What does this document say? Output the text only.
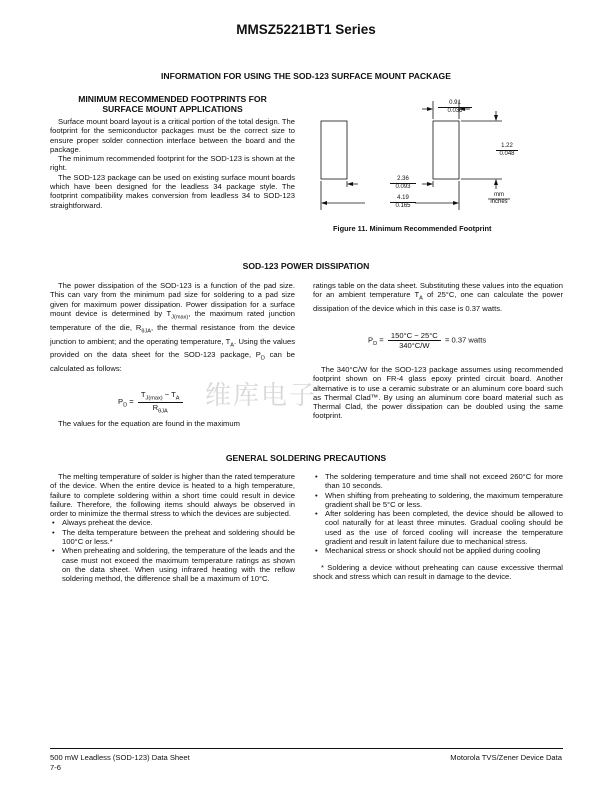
MMSZ5221BT1 Series
INFORMATION FOR USING THE SOD-123 SURFACE MOUNT PACKAGE
MINIMUM RECOMMENDED FOOTPRINTS FOR
SURFACE MOUNT APPLICATIONS

Surface mount board layout is a critical portion of the total design. The footprint for the semiconductor packages must be the correct size to ensure proper solder connection interface between the board and the package.

The minimum recommended footprint for the SOD-123 is shown at the right.

The SOD-123 package can be used on existing surface mount boards which have been designed for the leadless 34 package style. The footprint compatibility makes conversion from leadless 34 to SOD-123 straightforward.

0.91
0.036
1.22
0.048
2.36
0.093
4.19
0.165
mm
inches
Figure 11. Minimum Recommended Footprint
SOD-123 POWER DISSIPATION

The power dissipation of the SOD-123 is a function of the pad size. This can vary from the minimum pad size for soldering to a pad size given for maximum power dissipation. Power dissipation for a surface mount device is determined by $T_{J(max)}$, the maximum rated junction temperature of the die, $R_{\theta JA}$, the thermal resistance from the device junction to ambient; and the operating temperature, $T_A$. Using the values provided on the data sheet for the SOD-123 package, $P_D$ can be calculated as follows:

$P_D = \frac{T_{J(max)} - T_A}{R_{\theta JA}}$

The values for the equation are found in the maximum

ratings table on the data sheet. Substituting these values into the equation for an ambient temperature $T_A$ of 25°C, one can calculate the power dissipation of the device which in this case is 0.37 watts.

$P_D = \frac{150^\circ C - 25^\circ C}{340^\circ C/W} = 0.37$ watts

The 340°C/W for the SOD-123 package assumes using recommended footprint shown on FR-4 glass epoxy printed circuit board. Another alternative is to use a ceramic substrate or an aluminum core board such as Thermal Clad™. By using an aluminum core board material such as Thermal Clad, the power dissipation can be doubled using the same footprint.

维库电子
GENERAL SOLDERING PRECAUTIONS

The melting temperature of solder is higher than the rated temperature of the device. When the entire device is heated to a high temperature, failure to complete soldering within a short time could result in device failure. Therefore, the following items should always be observed in order to minimize the thermal stress to which the devices are subjected.

• Always preheat the device.
• The delta temperature between the preheat and soldering should be 100°C or less.*
• When preheating and soldering, the temperature of the leads and the case must not exceed the maximum temperature ratings as shown on the data sheet. When using infrared heating with the reflow soldering method, the difference shall be a maximum of 10°C.
• The soldering temperature and time shall not exceed 260°C for more than 10 seconds.
• When shifting from preheating to soldering, the maximum temperature gradient shall be 5°C or less.
• After soldering has been completed, the device should be allowed to cool naturally for at least three minutes. Gradual cooling should be used as the use of forced cooling will increase the temperature gradient and result in latent failure due to mechanical stress.
• Mechanical stress or shock should not be applied during cooling

* Soldering a device without preheating can cause excessive thermal shock and stress which can result in damage to the device.

500 mW Leadless (SOD-123) Data Sheet
7-6
Motorola TVS/Zener Device Data
